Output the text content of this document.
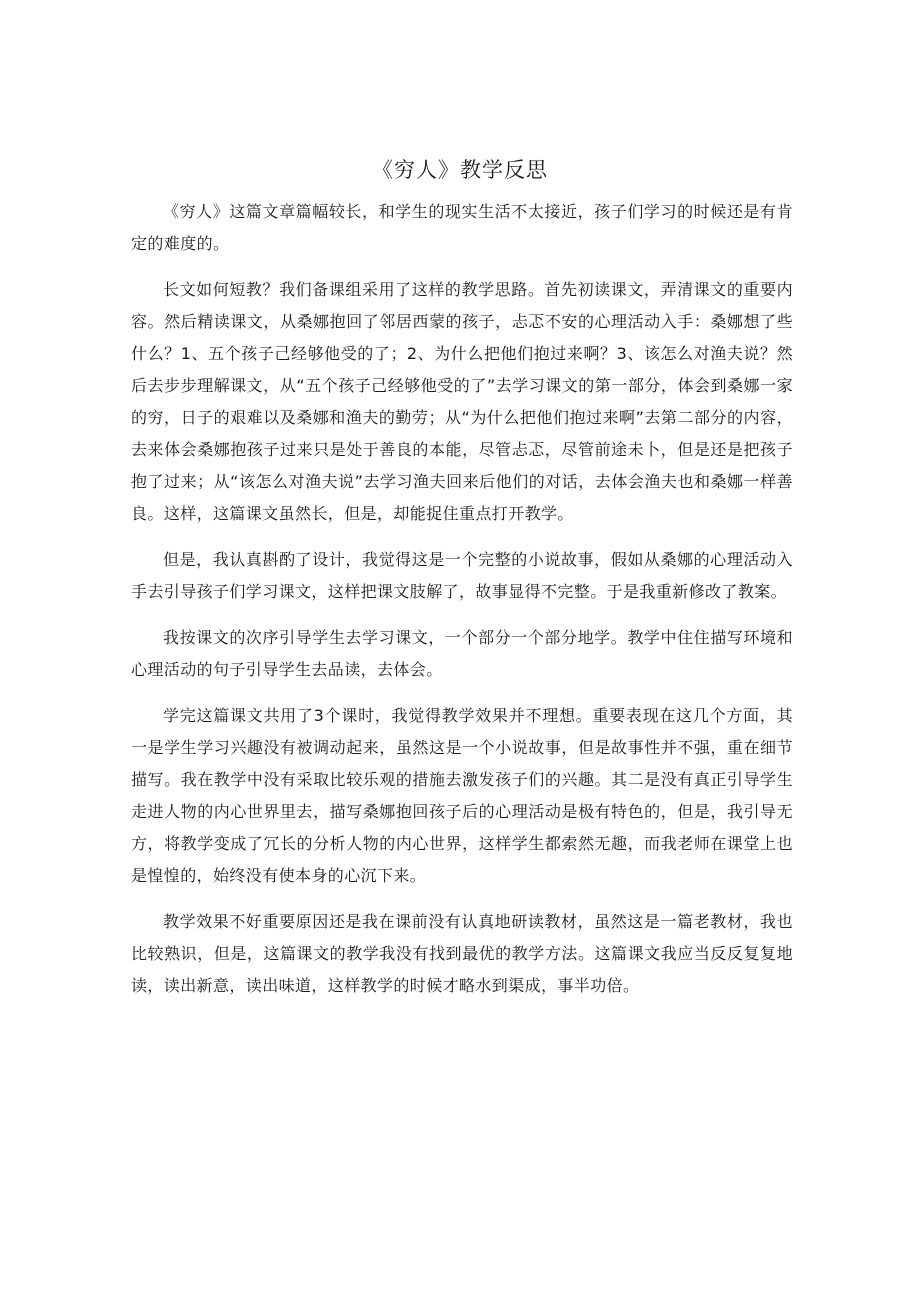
《穷人》教学反思

《穷人》这篇文章篇幅较长，和学生的现实生活不太接近，孩子们学习的时候还是有肯定的难度的。

长文如何短教？我们备课组采用了这样的教学思路。首先初读课文，弄清课文的重要内容。然后精读课文，从桑娜抱回了邻居西蒙的孩子，忐忑不安的心理活动入手：桑娜想了些什么？1、五个孩子己经够他受的了；2、为什么把他们抱过来啊？3、该怎么对渔夫说？然后去步步理解课文，从“五个孩子己经够他受的了”去学习课文的第一部分，体会到桑娜一家的穷，日子的艰难以及桑娜和渔夫的勤劳；从“为什么把他们抱过来啊”去第二部分的内容，去来体会桑娜抱孩子过来只是处于善良的本能，尽管忐忑，尽管前途未卜，但是还是把孩子抱了过来；从“该怎么对渔夫说”去学习渔夫回来后他们的对话，去体会渔夫也和桑娜一样善良。这样，这篇课文虽然长，但是，却能捉住重点打开教学。

但是，我认真斟酌了设计，我觉得这是一个完整的小说故事，假如从桑娜的心理活动入手去引导孩子们学习课文，这样把课文肢解了，故事显得不完整。于是我重新修改了教案。

我按课文的次序引导学生去学习课文，一个部分一个部分地学。教学中住住描写环境和心理活动的句子引导学生去品读，去体会。

学完这篇课文共用了3个课时，我觉得教学效果并不理想。重要表现在这几个方面，其一是学生学习兴趣没有被调动起来，虽然这是一个小说故事，但是故事性并不强，重在细节描写。我在教学中没有采取比较乐观的措施去激发孩子们的兴趣。其二是没有真正引导学生走进人物的内心世界里去，描写桑娜抱回孩子后的心理活动是极有特色的，但是，我引导无方，将教学变成了冗长的分析人物的内心世界，这样学生都索然无趣，而我老师在课堂上也是惶惶的，始终没有使本身的心沉下来。

教学效果不好重要原因还是我在课前没有认真地研读教材，虽然这是一篇老教材，我也比较熟识，但是，这篇课文的教学我没有找到最优的教学方法。这篇课文我应当反反复复地读，读出新意，读出味道，这样教学的时候才略水到渠成，事半功倍。
